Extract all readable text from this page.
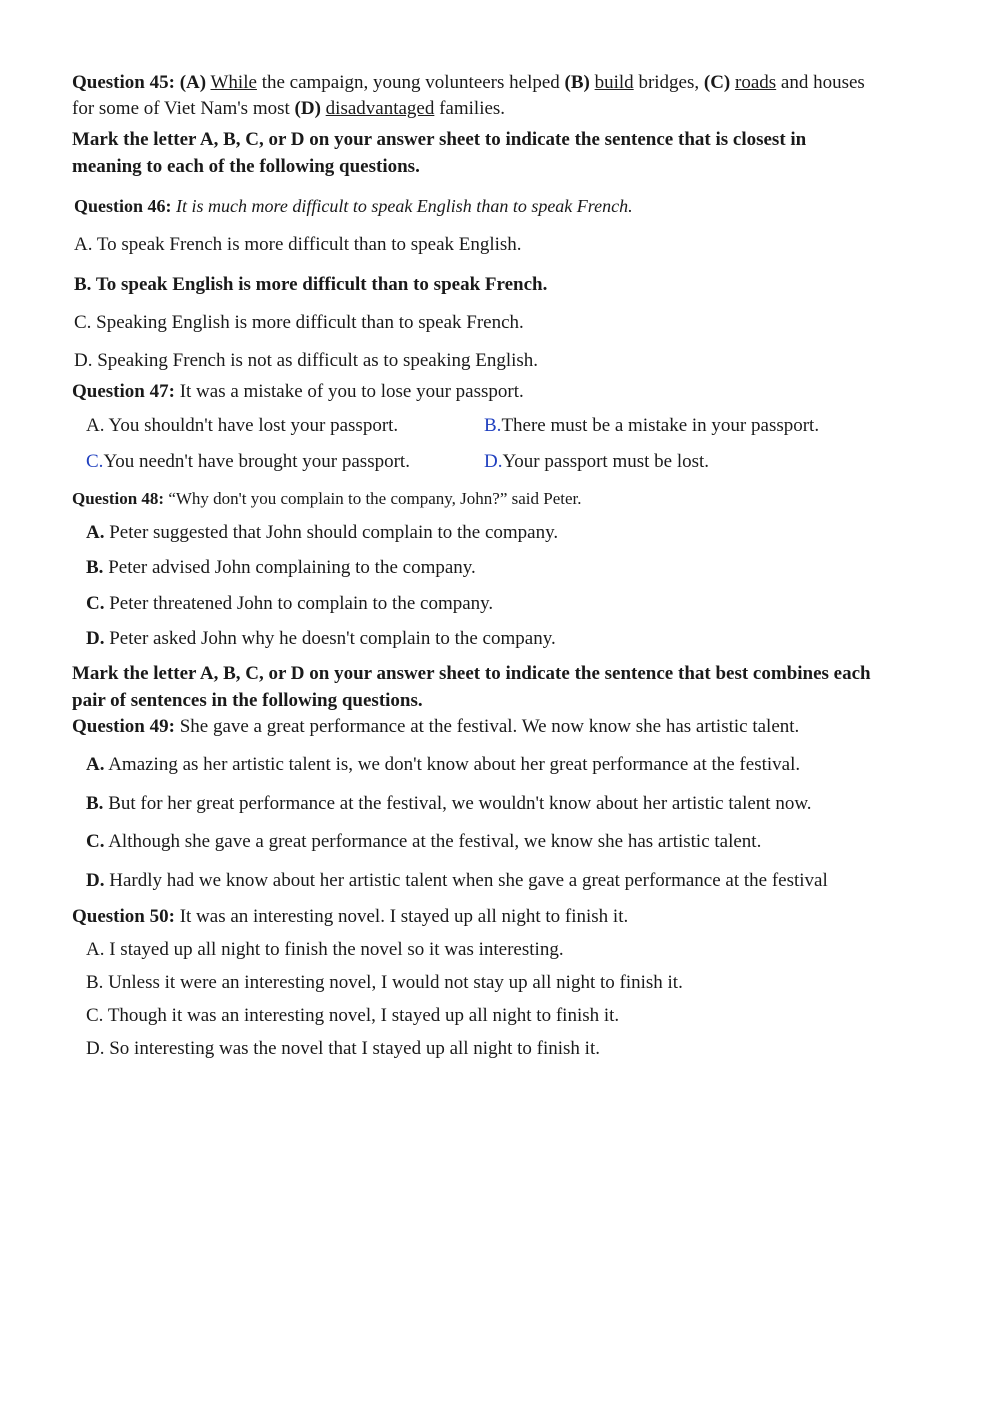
Question 45: (A) While the campaign, young volunteers helped (B) build bridges, (C) roads and houses
for some of Viet Nam's most (D) disadvantaged families.
Mark the letter A, B, C, or D on your answer sheet to indicate the sentence that is closest in
meaning to each of the following questions.
Question 46: It is much more difficult to speak English than to speak French.
A. To speak French is more difficult than to speak English.
B. To speak English is more difficult than to speak French.
C. Speaking English is more difficult than to speak French.
D. Speaking French is not as difficult as to speaking English.
Question 47: It was a mistake of you to lose your passport.
A. You shouldn't have lost your passport.	B.There must be a mistake in your passport.
C.You needn't have brought your passport.	D.Your passport must be lost.
Question 48: “Why don't you complain to the company, John?” said Peter.
A. Peter suggested that John should complain to the company.
B. Peter advised John complaining to the company.
C. Peter threatened John to complain to the company.
D. Peter asked John why he doesn't complain to the company.
Mark the letter A, B, C, or D on your answer sheet to indicate the sentence that best combines each
pair of sentences in the following questions.
Question 49: She gave a great performance at the festival. We now know she has artistic talent.
A. Amazing as her artistic talent is, we don't know about her great performance at the festival.
B. But for her great performance at the festival, we wouldn't know about her artistic talent now.
C. Although she gave a great performance at the festival, we know she has artistic talent.
D. Hardly had we know about her artistic talent when she gave a great performance at the festival
Question 50: It was an interesting novel. I stayed up all night to finish it.
A. I stayed up all night to finish the novel so it was interesting.
B. Unless it were an interesting novel, I would not stay up all night to finish it.
C. Though it was an interesting novel, I stayed up all night to finish it.
D. So interesting was the novel that I stayed up all night to finish it.
